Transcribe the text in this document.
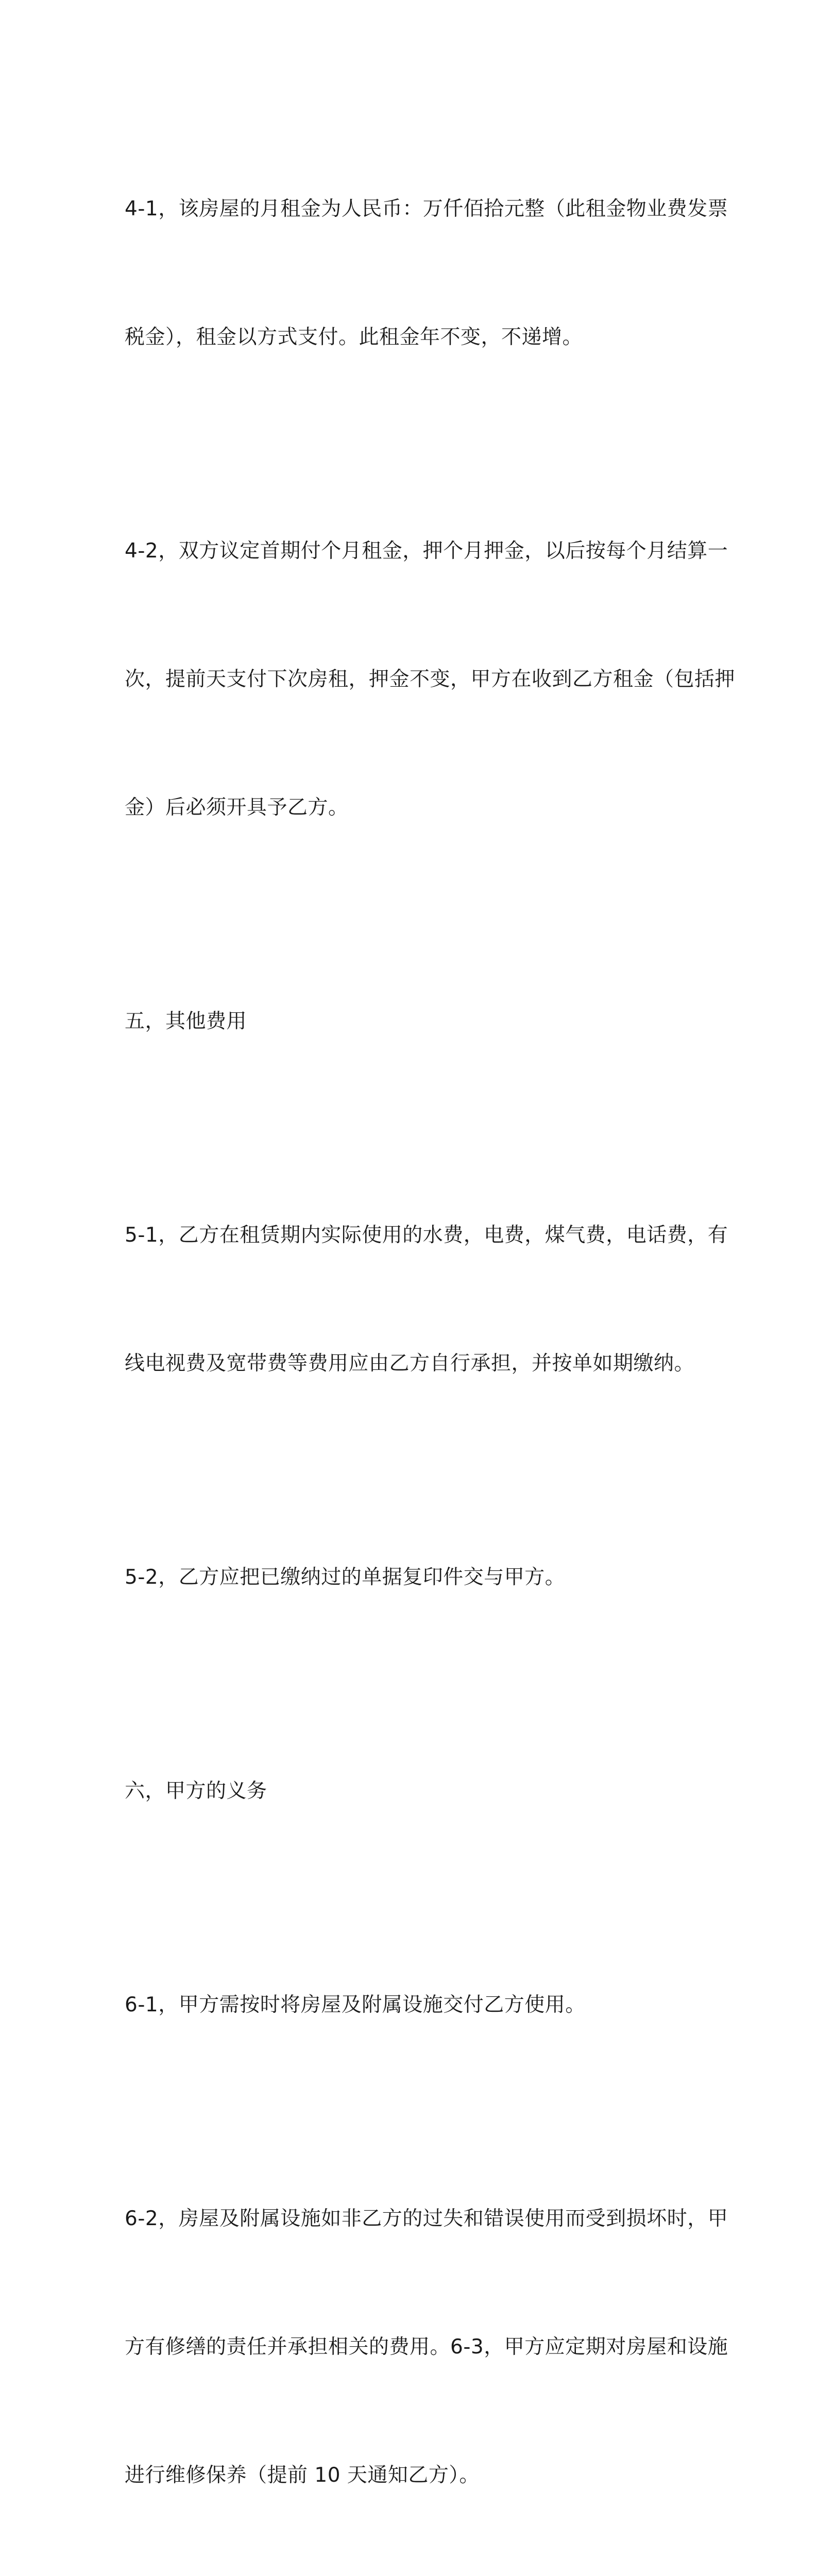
4-1，该房屋的月租金为人民币：万仟佰拾元整（此租金物业费发票

税金），租金以方式支付。此租金年不变，不递增。

4-2，双方议定首期付个月租金，押个月押金，以后按每个月结算一

次，提前天支付下次房租，押金不变，甲方在收到乙方租金（包括押

金）后必须开具予乙方。

五，其他费用

5-1，乙方在租赁期内实际使用的水费，电费，煤气费，电话费，有

线电视费及宽带费等费用应由乙方自行承担，并按单如期缴纳。

5-2，乙方应把已缴纳过的单据复印件交与甲方。

六，甲方的义务

6-1，甲方需按时将房屋及附属设施交付乙方使用。

6-2，房屋及附属设施如非乙方的过失和错误使用而受到损坏时，甲

方有修缮的责任并承担相关的费用。6-3，甲方应定期对房屋和设施

进行维修保养（提前 10 天通知乙方）。
